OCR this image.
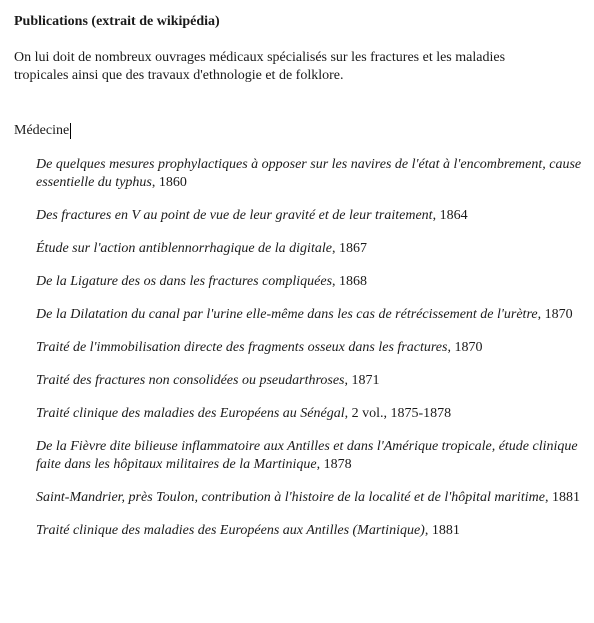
Publications (extrait de wikipédia)

On lui doit de nombreux ouvrages médicaux spécialisés sur les fractures et les maladies tropicales ainsi que des travaux d'ethnologie et de folklore.

Médecine
De quelques mesures prophylactiques à opposer sur les navires de l'état à l'encombrement, cause essentielle du typhus, 1860
Des fractures en V au point de vue de leur gravité et de leur traitement, 1864
Étude sur l'action antiblennorrhagique de la digitale, 1867
De la Ligature des os dans les fractures compliquées, 1868
De la Dilatation du canal par l'urine elle-même dans les cas de rétrécissement de l'urètre, 1870
Traité de l'immobilisation directe des fragments osseux dans les fractures, 1870
Traité des fractures non consolidées ou pseudarthroses, 1871
Traité clinique des maladies des Européens au Sénégal, 2 vol., 1875-1878
De la Fièvre dite bilieuse inflammatoire aux Antilles et dans l'Amérique tropicale, étude clinique faite dans les hôpitaux militaires de la Martinique, 1878
Saint-Mandrier, près Toulon, contribution à l'histoire de la localité et de l'hôpital maritime, 1881
Traité clinique des maladies des Européens aux Antilles (Martinique), 1881
